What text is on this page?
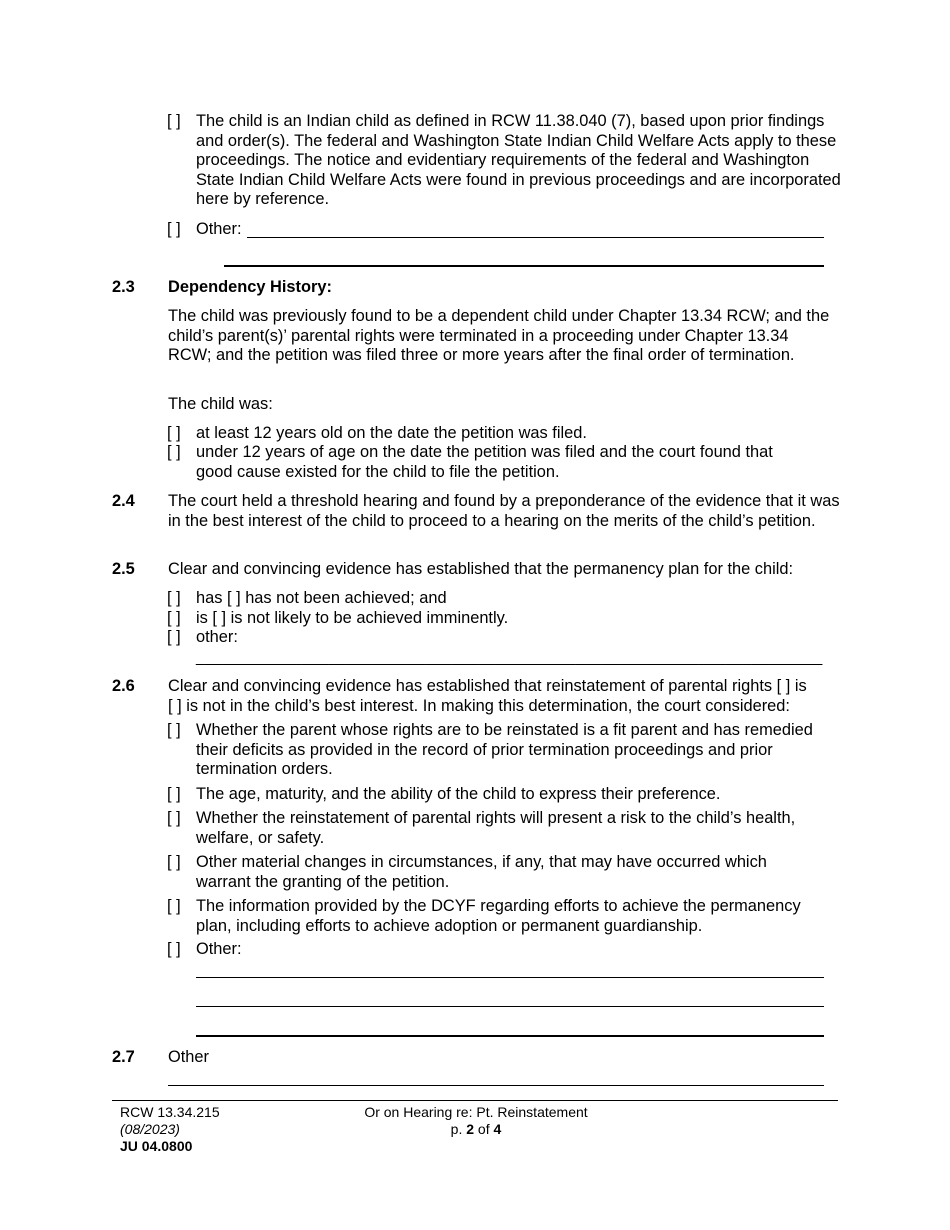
[ ] The child is an Indian child as defined in RCW 11.38.040 (7), based upon prior findings and order(s). The federal and Washington State Indian Child Welfare Acts apply to these proceedings. The notice and evidentiary requirements of the federal and Washington State Indian Child Welfare Acts were found in previous proceedings and are incorporated here by reference.
[ ] Other:
2.3 Dependency History:
The child was previously found to be a dependent child under Chapter 13.34 RCW; and the child’s parent(s)’ parental rights were terminated in a proceeding under Chapter 13.34 RCW; and the petition was filed three or more years after the final order of termination.
The child was:
[ ] at least 12 years old on the date the petition was filed.
[ ] under 12 years of age on the date the petition was filed and the court found that good cause existed for the child to file the petition.
2.4 The court held a threshold hearing and found by a preponderance of the evidence that it was in the best interest of the child to proceed to a hearing on the merits of the child’s petition.
2.5 Clear and convincing evidence has established that the permanency plan for the child:
[ ] has [ ] has not been achieved; and
[ ] is [ ] is not likely to be achieved imminently.
[ ] other:
_______________________________________________________________________
2.6 Clear and convincing evidence has established that reinstatement of parental rights [ ] is
[ ] is not in the child’s best interest. In making this determination, the court considered:
[ ] Whether the parent whose rights are to be reinstated is a fit parent and has remedied their deficits as provided in the record of prior termination proceedings and prior termination orders.
[ ] The age, maturity, and the ability of the child to express their preference.
[ ] Whether the reinstatement of parental rights will present a risk to the child’s health, welfare, or safety.
[ ] Other material changes in circumstances, if any, that may have occurred which warrant the granting of the petition.
[ ] The information provided by the DCYF regarding efforts to achieve the permanency plan, including efforts to achieve adoption or permanent guardianship.
[ ] Other:
2.7 Other
RCW 13.34.215
(08/2023)
JU 04.0800
Or on Hearing re: Pt. Reinstatement
p. 2 of 4
